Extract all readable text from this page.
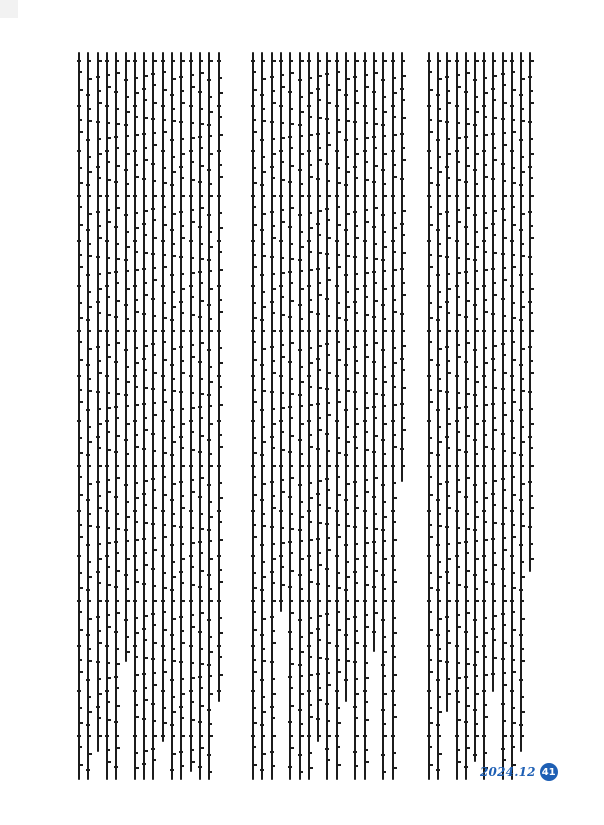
2024.12 41
